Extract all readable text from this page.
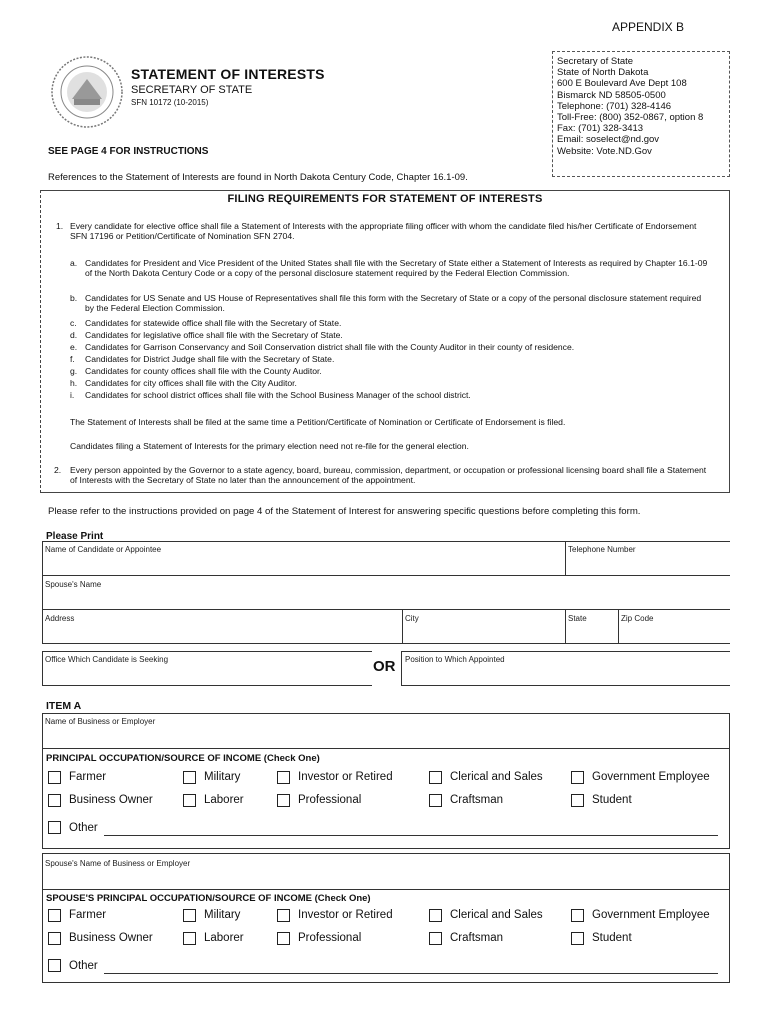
APPENDIX B
STATEMENT OF INTERESTS
SECRETARY OF STATE
SFN 10172 (10-2015)
Secretary of State
State of North Dakota
600 E Boulevard Ave Dept 108
Bismarck ND 58505-0500
Telephone: (701) 328-4146
Toll-Free: (800) 352-0867, option 8
Fax: (701) 328-3413
Email: soselect@nd.gov
Website: Vote.ND.Gov
SEE PAGE 4 FOR INSTRUCTIONS
References to the Statement of Interests are found in North Dakota Century Code, Chapter 16.1-09.
FILING REQUIREMENTS FOR STATEMENT OF INTERESTS
1. Every candidate for elective office shall file a Statement of Interests with the appropriate filing officer with whom the candidate filed his/her Certificate of Endorsement SFN 17196 or Petition/Certificate of Nomination SFN 2704.
a. Candidates for President and Vice President of the United States shall file with the Secretary of State either a Statement of Interests as required by Chapter 16.1-09 of the North Dakota Century Code or a copy of the personal disclosure statement required by the Federal Election Commission.
b. Candidates for US Senate and US House of Representatives shall file this form with the Secretary of State or a copy of the personal disclosure statement required by the Federal Election Commission.
c. Candidates for statewide office shall file with the Secretary of State.
d. Candidates for legislative office shall file with the Secretary of State.
e. Candidates for Garrison Conservancy and Soil Conservation district shall file with the County Auditor in their county of residence.
f. Candidates for District Judge shall file with the Secretary of State.
g. Candidates for county offices shall file with the County Auditor.
h. Candidates for city offices shall file with the City Auditor.
i. Candidates for school district offices shall file with the School Business Manager of the school district.
The Statement of Interests shall be filed at the same time a Petition/Certificate of Nomination or Certificate of Endorsement is filed.
Candidates filing a Statement of Interests for the primary election need not re-file for the general election.
2. Every person appointed by the Governor to a state agency, board, bureau, commission, department, or occupation or professional licensing board shall file a Statement of Interests with the Secretary of State no later than the announcement of the appointment.
Please refer to the instructions provided on page 4 of the Statement of Interest for answering specific questions before completing this form.
Please Print
Name of Candidate or Appointee	Telephone Number
Spouse's Name
Address	City	State	Zip Code
Office Which Candidate is Seeking	OR Position to Which Appointed
ITEM A
Name of Business or Employer
PRINCIPAL OCCUPATION/SOURCE OF INCOME (Check One)
Farmer	Military	Investor or Retired	Clerical and Sales	Government Employee
Business Owner	Laborer	Professional	Craftsman	Student
Other
Spouse's Name of Business or Employer
SPOUSE'S PRINCIPAL OCCUPATION/SOURCE OF INCOME (Check One)
Farmer	Military	Investor or Retired	Clerical and Sales	Government Employee
Business Owner	Laborer	Professional	Craftsman	Student
Other
